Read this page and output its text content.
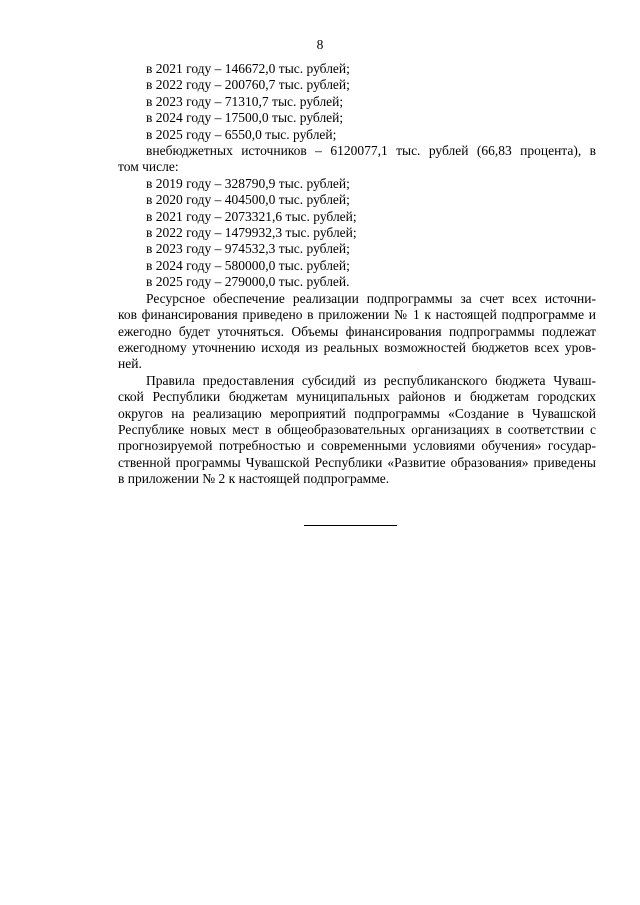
8
в 2021 году – 146672,0 тыс. рублей;
в 2022 году – 200760,7 тыс. рублей;
в 2023 году – 71310,7 тыс. рублей;
в 2024 году – 17500,0 тыс. рублей;
в 2025 году – 6550,0 тыс. рублей;
внебюджетных источников – 6120077,1 тыс. рублей (66,83 процента), в
том числе:
в 2019 году – 328790,9 тыс. рублей;
в 2020 году – 404500,0 тыс. рублей;
в 2021 году – 2073321,6 тыс. рублей;
в 2022 году – 1479932,3 тыс. рублей;
в 2023 году – 974532,3 тыс. рублей;
в 2024 году – 580000,0 тыс. рублей;
в 2025 году – 279000,0 тыс. рублей.
Ресурсное обеспечение реализации подпрограммы за счет всех источни-
ков финансирования приведено в приложении № 1 к настоящей подпрограмме и
ежегодно будет уточняться. Объемы финансирования подпрограммы подлежат
ежегодному уточнению исходя из реальных возможностей бюджетов всех уров-
ней.
Правила предоставления субсидий из республиканского бюджета Чуваш-
ской Республики бюджетам муниципальных районов и бюджетам городских
округов на реализацию мероприятий подпрограммы «Создание в Чувашской
Республике новых мест в общеобразовательных организациях в соответствии с
прогнозируемой потребностью и современными условиями обучения» государ-
ственной программы Чувашской Республики «Развитие образования» приведены
в приложении № 2 к настоящей подпрограмме.
